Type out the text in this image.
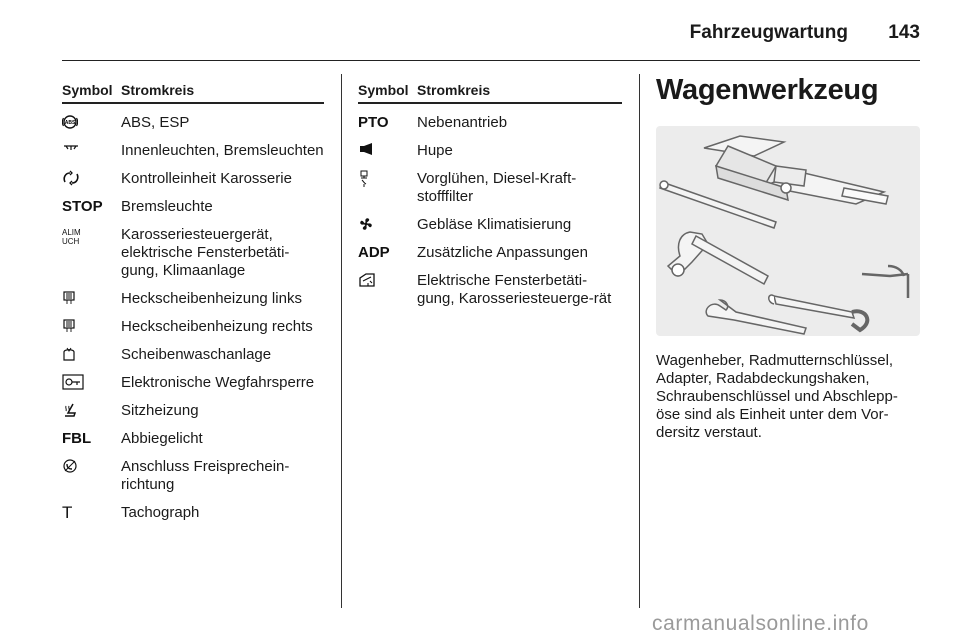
Fahrzeugwartung 143
Symbol Stromkreis
ABS	ABS, ESP
Innenleuchten, Bremsleuchten
Kontrolleinheit Karosserie
STOP	Bremsleuchte
ALIM UCH	Karosseriesteuergerät, elektrische Fensterbetäti-gung, Klimaanlage
Heckscheibenheizung links
Heckscheibenheizung rechts
Scheibenwaschanlage
Elektronische Wegfahrsperre
Sitzheizung
FBL	Abbiegelicht
Anschluss Freisprechein-richtung
T	Tachograph
Symbol Stromkreis
PTO	Nebenantrieb
Hupe
Vorglühen, Diesel-Kraft-stofffilter
Gebläse Klimatisierung
ADP	Zusätzliche Anpassungen
Elektrische Fensterbetäti-gung, Karosseriesteuerge-rät
Wagenwerkzeug
Wagenheber, Radmutternschlüssel, Adapter, Radabdeckungshaken, Schraubenschlüssel und Abschlepp-öse sind als Einheit unter dem Vor-dersitz verstaut.
carmanualsonline.info
